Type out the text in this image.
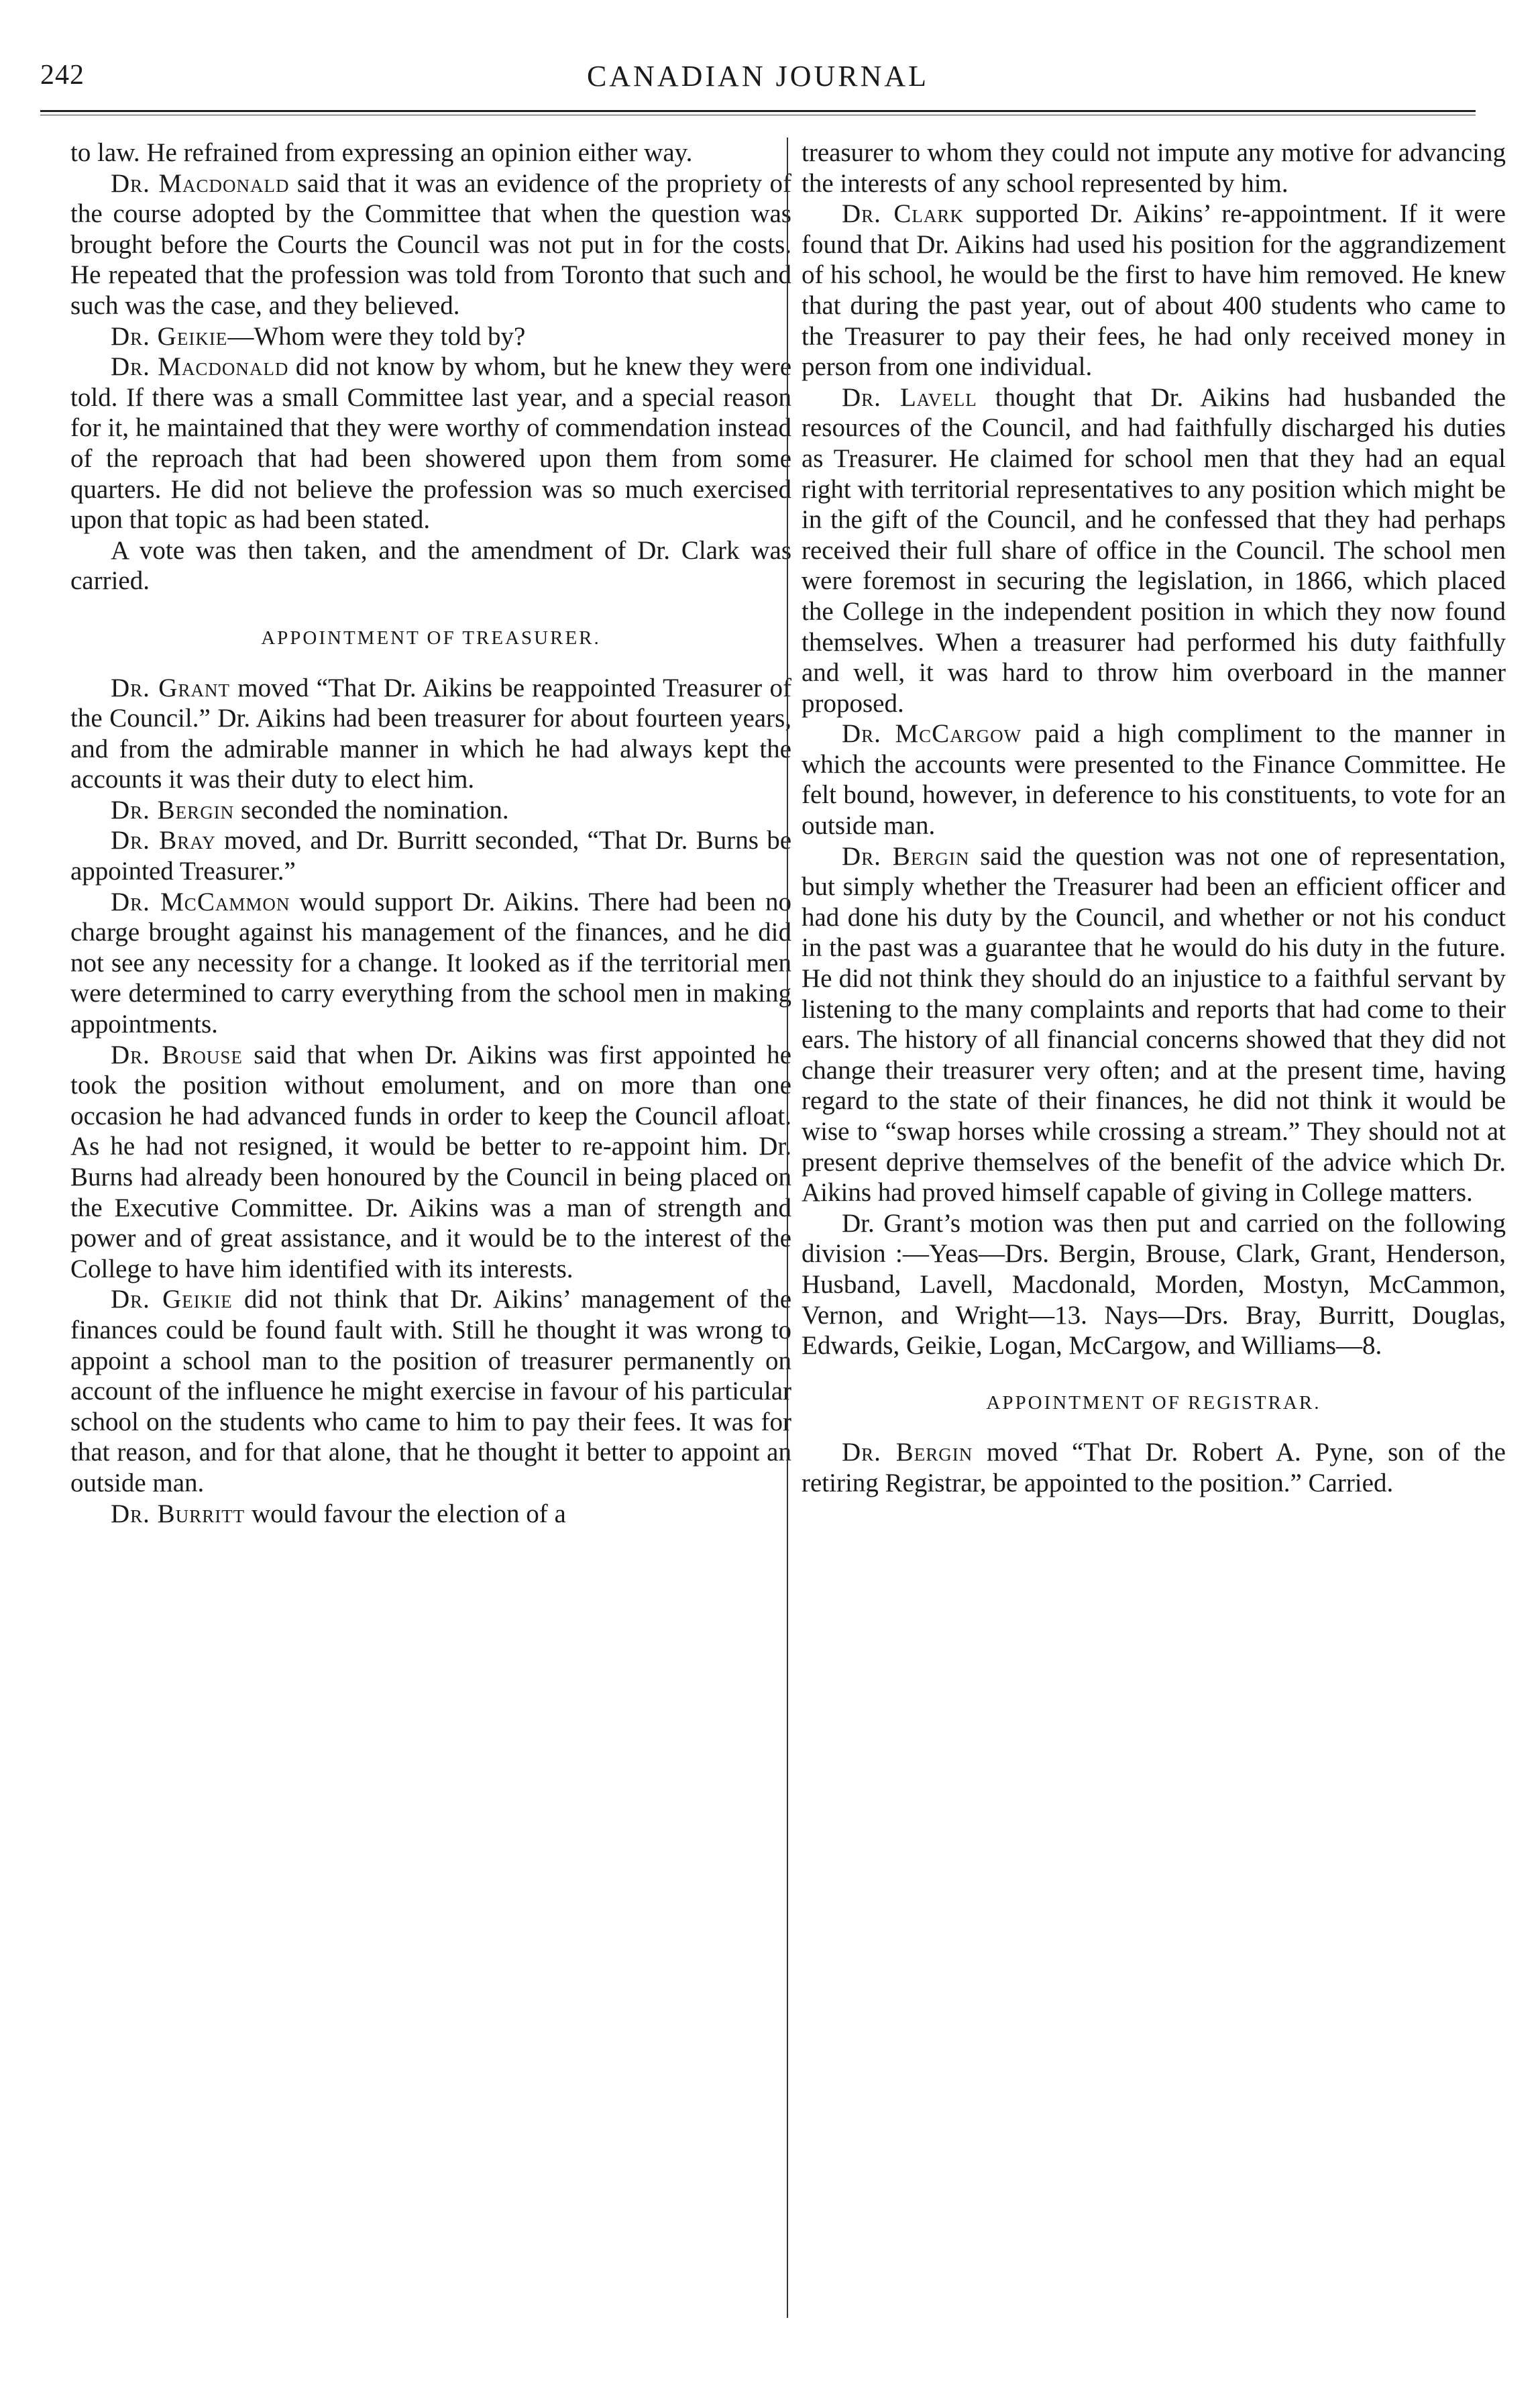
242	CANADIAN JOURNAL

to law. He refrained from expressing an opinion either way.

Dr. Macdonald said that it was an evidence of the propriety of the course adopted by the Committee that when the question was brought before the Courts the Council was not put in for the costs. He repeated that the profession was told from Toronto that such and such was the case, and they believed.

Dr. Geikie—Whom were they told by?

Dr. Macdonald did not know by whom, but he knew they were told. If there was a small Committee last year, and a special reason for it, he maintained that they were worthy of commendation instead of the reproach that had been showered upon them from some quarters. He did not believe the profession was so much exercised upon that topic as had been stated.

A vote was then taken, and the amendment of Dr. Clark was carried.

APPOINTMENT OF TREASURER.

Dr. Grant moved “That Dr. Aikins be reappointed Treasurer of the Council.” Dr. Aikins had been treasurer for about fourteen years, and from the admirable manner in which he had always kept the accounts it was their duty to elect him.

Dr. Bergin seconded the nomination.

Dr. Bray moved, and Dr. Burritt seconded, “That Dr. Burns be appointed Treasurer.”

Dr. McCammon would support Dr. Aikins. There had been no charge brought against his management of the finances, and he did not see any necessity for a change. It looked as if the territorial men were determined to carry everything from the school men in making appointments.

Dr. Brouse said that when Dr. Aikins was first appointed he took the position without emolument, and on more than one occasion he had advanced funds in order to keep the Council afloat. As he had not resigned, it would be better to re-appoint him. Dr. Burns had already been honoured by the Council in being placed on the Executive Committee. Dr. Aikins was a man of strength and power and of great assistance, and it would be to the interest of the College to have him identified with its interests.

Dr. Geikie did not think that Dr. Aikins’ management of the finances could be found fault with. Still he thought it was wrong to appoint a school man to the position of treasurer permanently on account of the influence he might exercise in favour of his particular school on the students who came to him to pay their fees. It was for that reason, and for that alone, that he thought it better to appoint an outside man.

Dr. Burritt would favour the election of a

treasurer to whom they could not impute any motive for advancing the interests of any school represented by him.

Dr. Clark supported Dr. Aikins’ re-appointment. If it were found that Dr. Aikins had used his position for the aggrandizement of his school, he would be the first to have him removed. He knew that during the past year, out of about 400 students who came to the Treasurer to pay their fees, he had only received money in person from one individual.

Dr. Lavell thought that Dr. Aikins had husbanded the resources of the Council, and had faithfully discharged his duties as Treasurer. He claimed for school men that they had an equal right with territorial representatives to any position which might be in the gift of the Council, and he confessed that they had perhaps received their full share of office in the Council. The school men were foremost in securing the legislation, in 1866, which placed the College in the independent position in which they now found themselves. When a treasurer had performed his duty faithfully and well, it was hard to throw him overboard in the manner proposed.

Dr. McCargow paid a high compliment to the manner in which the accounts were presented to the Finance Committee. He felt bound, however, in deference to his constituents, to vote for an outside man.

Dr. Bergin said the question was not one of representation, but simply whether the Treasurer had been an efficient officer and had done his duty by the Council, and whether or not his conduct in the past was a guarantee that he would do his duty in the future. He did not think they should do an injustice to a faithful servant by listening to the many complaints and reports that had come to their ears. The history of all financial concerns showed that they did not change their treasurer very often; and at the present time, having regard to the state of their finances, he did not think it would be wise to “swap horses while crossing a stream.” They should not at present deprive themselves of the benefit of the advice which Dr. Aikins had proved himself capable of giving in College matters.

Dr. Grant’s motion was then put and carried on the following division :—Yeas—Drs. Bergin, Brouse, Clark, Grant, Henderson, Husband, Lavell, Macdonald, Morden, Mostyn, McCammon, Vernon, and Wright—13. Nays—Drs. Bray, Burritt, Douglas, Edwards, Geikie, Logan, McCargow, and Williams—8.

APPOINTMENT OF REGISTRAR.

Dr. Bergin moved “That Dr. Robert A. Pyne, son of the retiring Registrar, be appointed to the position.” Carried.
